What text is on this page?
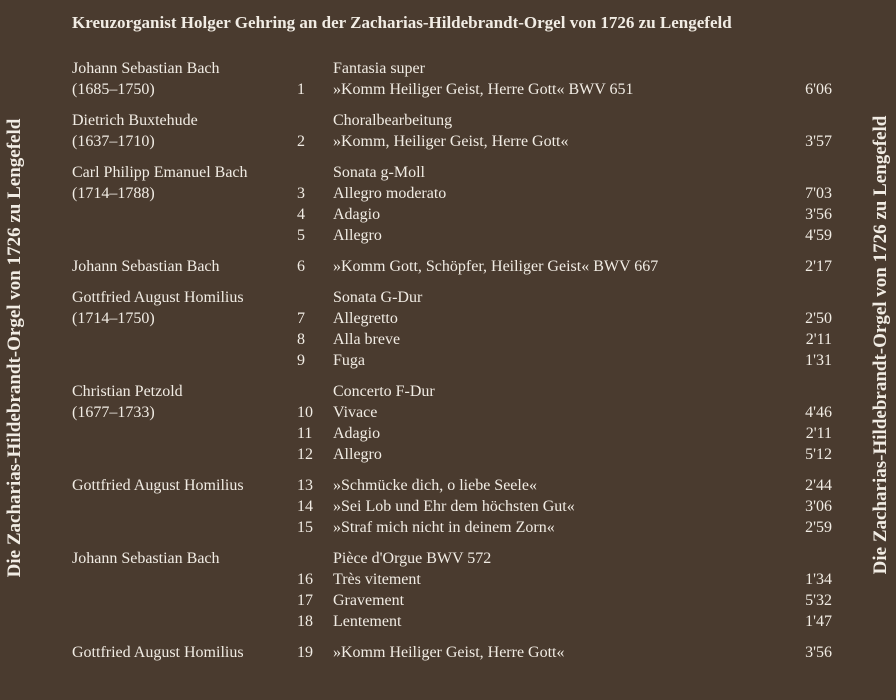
Kreuzorganist Holger Gehring an der Zacharias-Hildebrandt-Orgel von 1726 zu Lengefeld
Die Zacharias-Hildebrandt-Orgel von 1726 zu Lengefeld	Die Zacharias-Hildebrandt-Orgel von 1726 zu Lengefeld
Johann Sebastian Bach	Fantasia super
(1685–1750)	1	»Komm Heiliger Geist, Herre Gott« BWV 651	6'06
Dietrich Buxtehude	Choralbearbeitung
(1637–1710)	2	»Komm, Heiliger Geist, Herre Gott«	3'57
Carl Philipp Emanuel Bach	Sonata g-Moll
(1714–1788)	3	Allegro moderato	7'03
4	Adagio	3'56
5	Allegro	4'59
Johann Sebastian Bach	6	»Komm Gott, Schöpfer, Heiliger Geist« BWV 667	2'17
Gottfried August Homilius	Sonata G-Dur
(1714–1750)	7	Allegretto	2'50
8	Alla breve	2'11
9	Fuga	1'31
Christian Petzold	Concerto F-Dur
(1677–1733)	10	Vivace	4'46
11	Adagio	2'11
12	Allegro	5'12
Gottfried August Homilius	13	»Schmücke dich, o liebe Seele«	2'44
14	»Sei Lob und Ehr dem höchsten Gut«	3'06
15	»Straf mich nicht in deinem Zorn«	2'59
Johann Sebastian Bach	Pièce d'Orgue BWV 572
16	Très vitement	1'34
17	Gravement	5'32
18	Lentement	1'47
Gottfried August Homilius	19	»Komm Heiliger Geist, Herre Gott«	3'56
